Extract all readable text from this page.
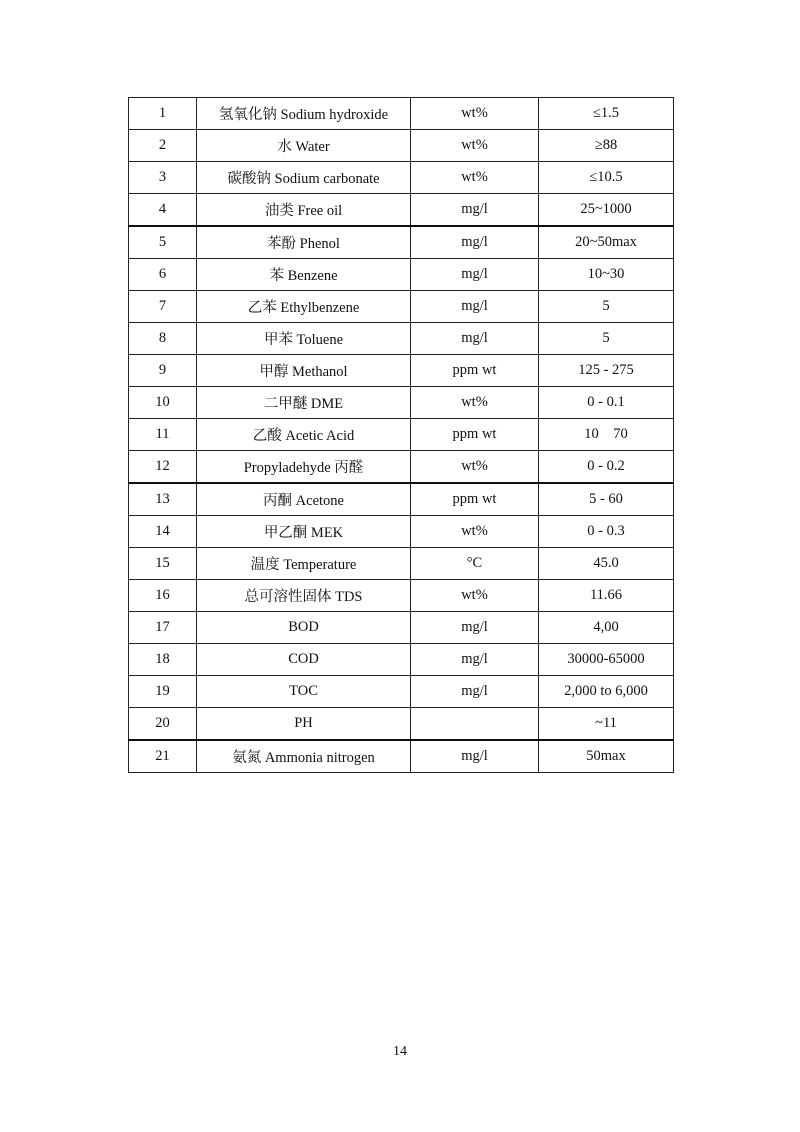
1	氢氧化钠 Sodium hydroxide	wt%	≤1.5
2	水 Water	wt%	≥88
3	碳酸钠 Sodium carbonate	wt%	≤10.5
4	油类 Free oil	mg/l	25~1000
5	苯酚 Phenol	mg/l	20~50max
6	苯 Benzene	mg/l	10~30
7	乙苯 Ethylbenzene	mg/l	5
8	甲苯 Toluene	mg/l	5
9	甲醇 Methanol	ppm wt	125 - 275
10	二甲醚 DME	wt%	0 - 0.1
11	乙酸 Acetic Acid	ppm wt	10    70
12	Propyladehyde 丙醛	wt%	0 - 0.2
13	丙酮 Acetone	ppm wt	5 - 60
14	甲乙酮 MEK	wt%	0 - 0.3
15	温度 Temperature	°C	45.0
16	总可溶性固体 TDS	wt%	11.66
17	BOD	mg/l	4,00
18	COD	mg/l	30000-65000
19	TOC	mg/l	2,000 to 6,000
20	PH		~11
21	氨氮 Ammonia nitrogen	mg/l	50max
14
